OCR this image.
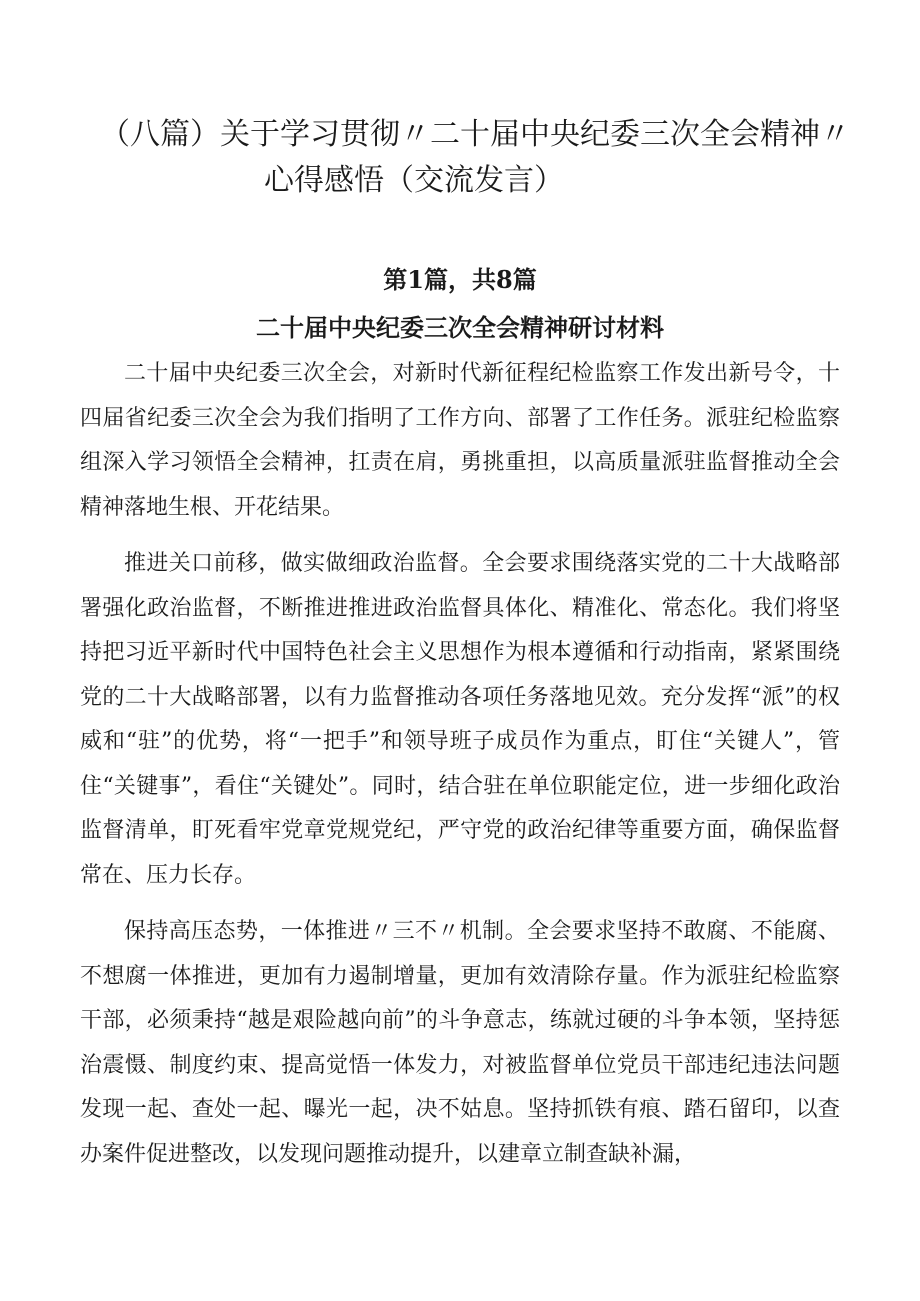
（八篇）关于学习贯彻〃二十届中央纪委三次全会精神〃
心得感悟（交流发言）
第1篇，共8篇
二十届中央纪委三次全会精神研讨材料

二十届中央纪委三次全会，对新时代新征程纪检监察工作发出新号令，十四届省纪委三次全会为我们指明了工作方向、部署了工作任务。派驻纪检监察组深入学习领悟全会精神，扛责在肩，勇挑重担，以高质量派驻监督推动全会精神落地生根、开花结果。

推进关口前移，做实做细政治监督。全会要求围绕落实党的二十大战略部署强化政治监督，不断推进推进政治监督具体化、精准化、常态化。我们将坚持把习近平新时代中国特色社会主义思想作为根本遵循和行动指南，紧紧围绕党的二十大战略部署，以有力监督推动各项任务落地见效。充分发挥“派”的权威和“驻”的优势，将“一把手”和领导班子成员作为重点，盯住“关键人”，管住“关键事”，看住“关键处”。同时，结合驻在单位职能定位，进一步细化政治监督清单，盯死看牢党章党规党纪，严守党的政治纪律等重要方面，确保监督常在、压力长存。

保持高压态势，一体推进〃三不〃机制。全会要求坚持不敢腐、不能腐、不想腐一体推进，更加有力遏制增量，更加有效清除存量。作为派驻纪检监察干部，必须秉持“越是艰险越向前”的斗争意志，练就过硬的斗争本领，坚持惩治震慑、制度约束、提高觉悟一体发力，对被监督单位党员干部违纪违法问题发现一起、查处一起、曝光一起，决不姑息。坚持抓铁有痕、踏石留印，以查办案件促进整改，以发现问题推动提升，以建章立制查缺补漏，
